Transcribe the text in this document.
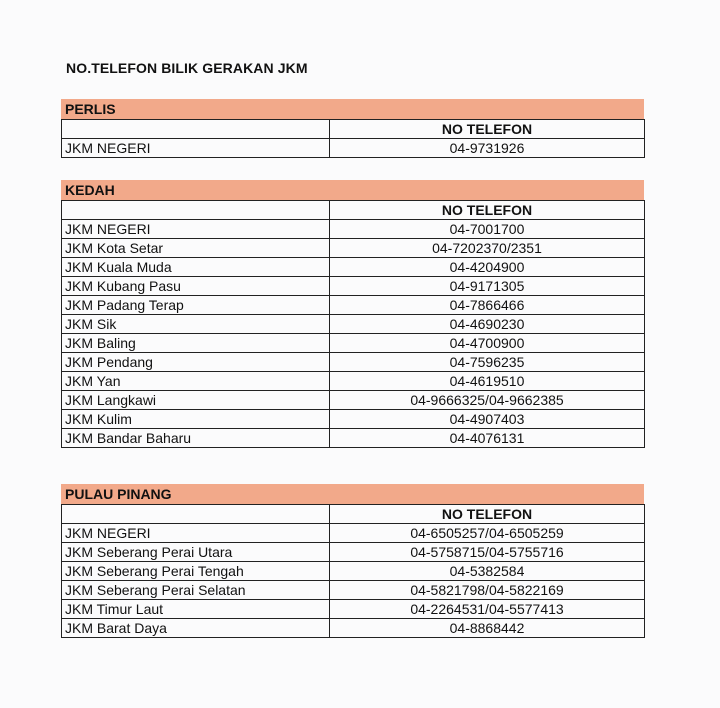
NO.TELEFON BILIK GERAKAN JKM
PERLIS
	NO TELEFON
JKM NEGERI	04-9731926
KEDAH
	NO TELEFON
JKM NEGERI	04-7001700
JKM Kota Setar	04-7202370/2351
JKM Kuala Muda	04-4204900
JKM Kubang Pasu	04-9171305
JKM Padang Terap	04-7866466
JKM Sik	04-4690230
JKM Baling	04-4700900
JKM Pendang	04-7596235
JKM Yan	04-4619510
JKM Langkawi	04-9666325/04-9662385
JKM Kulim	04-4907403
JKM Bandar Baharu	04-4076131
PULAU PINANG
	NO TELEFON
JKM NEGERI	04-6505257/04-6505259
JKM Seberang Perai Utara	04-5758715/04-5755716
JKM Seberang Perai Tengah	04-5382584
JKM Seberang Perai Selatan	04-5821798/04-5822169
JKM Timur Laut	04-2264531/04-5577413
JKM Barat Daya	04-8868442
